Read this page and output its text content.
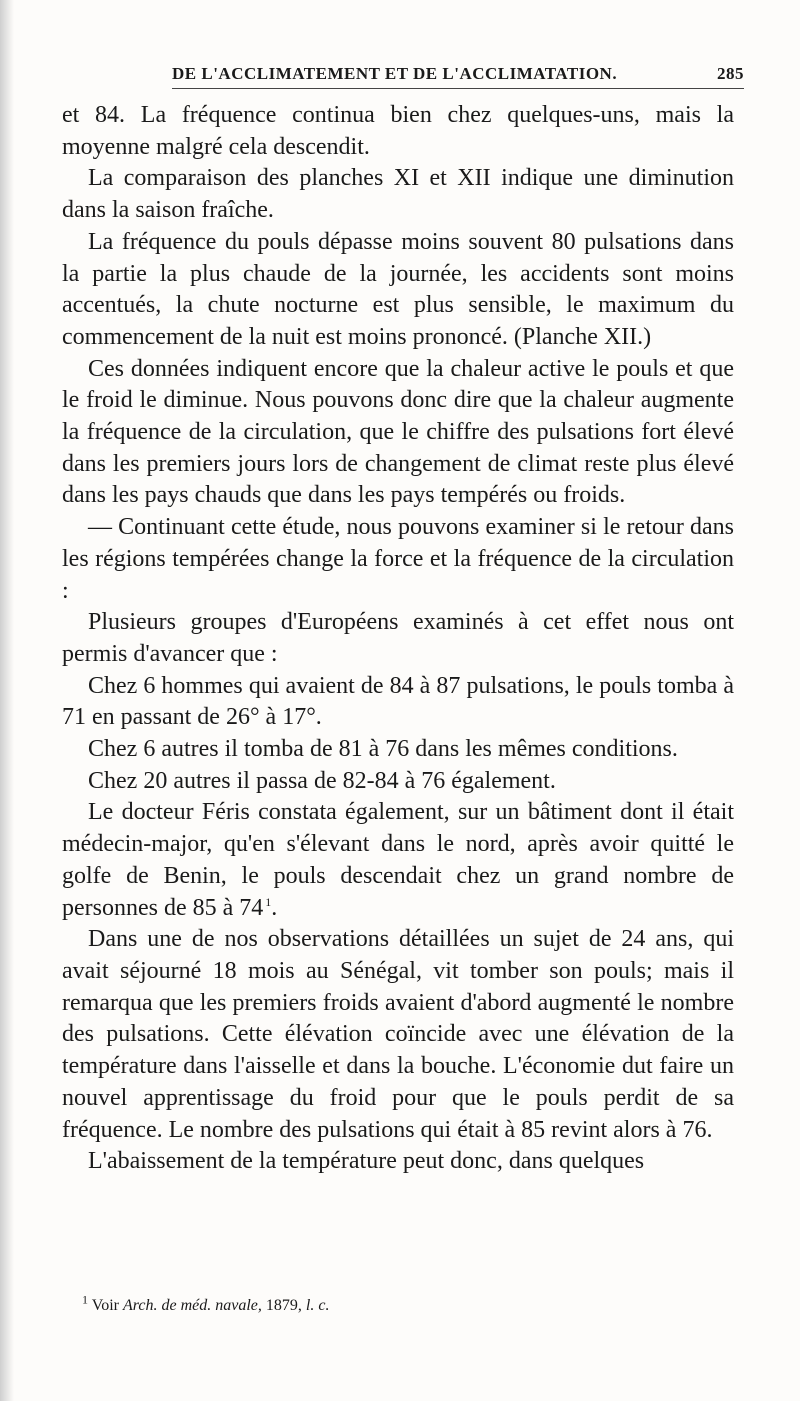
DE L'ACCLIMATEMENT ET DE L'ACCLIMATATION.	285

et 84. La fréquence continua bien chez quelques-uns, mais la moyenne malgré cela descendit.

La comparaison des planches XI et XII indique une diminution dans la saison fraîche.

La fréquence du pouls dépasse moins souvent 80 pulsations dans la partie la plus chaude de la journée, les accidents sont moins accentués, la chute nocturne est plus sensible, le maximum du commencement de la nuit est moins prononcé. (Planche XII.)

Ces données indiquent encore que la chaleur active le pouls et que le froid le diminue. Nous pouvons donc dire que la chaleur augmente la fréquence de la circulation, que le chiffre des pulsations fort élevé dans les premiers jours lors de changement de climat reste plus élevé dans les pays chauds que dans les pays tempérés ou froids.

— Continuant cette étude, nous pouvons examiner si le retour dans les régions tempérées change la force et la fréquence de la circulation :

Plusieurs groupes d'Européens examinés à cet effet nous ont permis d'avancer que :

Chez 6 hommes qui avaient de 84 à 87 pulsations, le pouls tomba à 71 en passant de 26° à 17°.

Chez 6 autres il tomba de 81 à 76 dans les mêmes conditions.

Chez 20 autres il passa de 82-84 à 76 également.

Le docteur Féris constata également, sur un bâtiment dont il était médecin-major, qu'en s'élevant dans le nord, après avoir quitté le golfe de Benin, le pouls descendait chez un grand nombre de personnes de 85 à 74  $^1$.

Dans une de nos observations détaillées un sujet de 24 ans, qui avait séjourné 18 mois au Sénégal, vit tomber son pouls; mais il remarqua que les premiers froids avaient d'abord augmenté le nombre des pulsations. Cette élévation coïncide avec une élévation de la température dans l'aisselle et dans la bouche. L'économie dut faire un nouvel apprentissage du froid pour que le pouls perdit de sa fréquence. Le nombre des pulsations qui était à 85 revint alors à 76.

L'abaissement de la température peut donc, dans quelques

$^1$ Voir Arch. de méd. navale, 1879, l. c.
